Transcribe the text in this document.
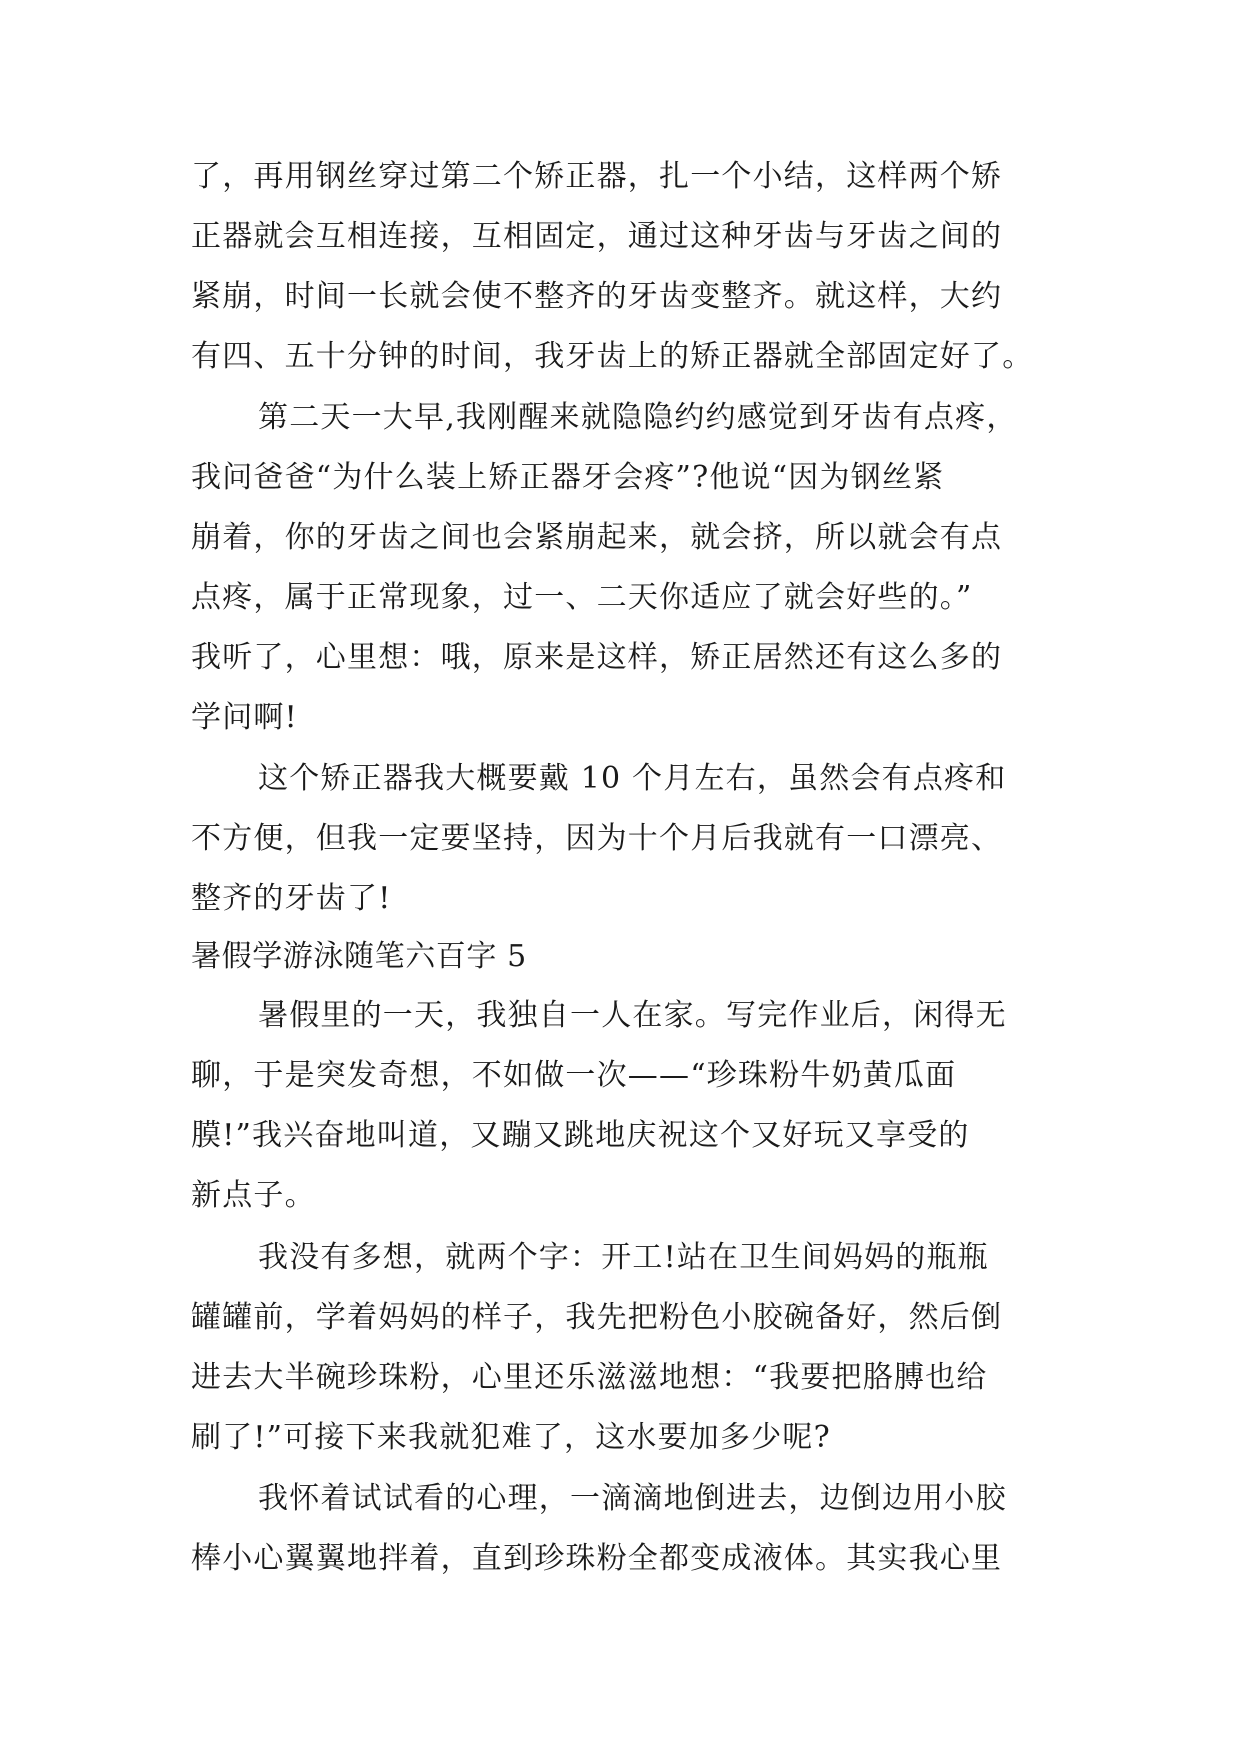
了，再用钢丝穿过第二个矫正器，扎一个小结，这样两个矫
正器就会互相连接，互相固定，通过这种牙齿与牙齿之间的
紧崩，时间一长就会使不整齐的牙齿变整齐。就这样，大约
有四、五十分钟的时间，我牙齿上的矫正器就全部固定好了。
第二天一大早,我刚醒来就隐隐约约感觉到牙齿有点疼，
我问爸爸“为什么装上矫正器牙会疼”?他说“因为钢丝紧
崩着，你的牙齿之间也会紧崩起来，就会挤，所以就会有点
点疼，属于正常现象，过一、二天你适应了就会好些的。”
我听了，心里想：哦，原来是这样，矫正居然还有这么多的
学问啊!
这个矫正器我大概要戴 10 个月左右，虽然会有点疼和
不方便，但我一定要坚持，因为十个月后我就有一口漂亮、
整齐的牙齿了!
暑假学游泳随笔六百字 5
暑假里的一天，我独自一人在家。写完作业后，闲得无
聊，于是突发奇想，不如做一次——“珍珠粉牛奶黄瓜面
膜!”我兴奋地叫道，又蹦又跳地庆祝这个又好玩又享受的
新点子。
我没有多想，就两个字：开工!站在卫生间妈妈的瓶瓶
罐罐前，学着妈妈的样子，我先把粉色小胶碗备好，然后倒
进去大半碗珍珠粉，心里还乐滋滋地想：“我要把胳膊也给
刷了!”可接下来我就犯难了，这水要加多少呢?
我怀着试试看的心理，一滴滴地倒进去，边倒边用小胶
棒小心翼翼地拌着，直到珍珠粉全都变成液体。其实我心里
